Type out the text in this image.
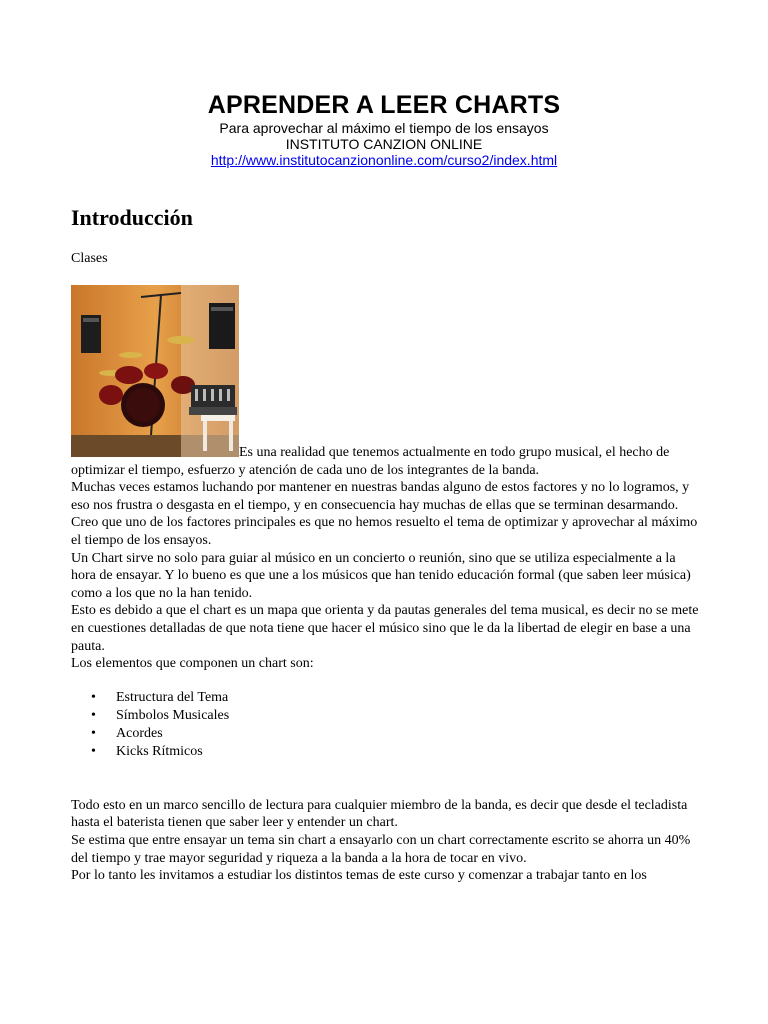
APRENDER A LEER CHARTS
Para aprovechar al máximo el tiempo de los ensayos
INSTITUTO CANZION ONLINE
http://www.institutocanziononline.com/curso2/index.html
Introducción
Clases

Es una realidad que tenemos actualmente en todo grupo musical, el hecho de optimizar el tiempo, esfuerzo y atención de cada uno de los integrantes de la banda.

Muchas veces estamos luchando por mantener en nuestras bandas alguno de estos factores y no lo logramos, y eso nos frustra o desgasta en el tiempo, y en consecuencia hay muchas de ellas que se terminan desarmando.

Creo que uno de los factores principales es que no hemos resuelto el tema de optimizar y aprovechar al máximo el tiempo de los ensayos.

Un Chart sirve no solo para guiar al músico en un concierto o reunión, sino que se utiliza especialmente a la hora de ensayar. Y lo bueno es que une a los músicos que han tenido educación formal (que saben leer música) como a los que no la han tenido.

Esto es debido a que el chart es un mapa que orienta y da pautas generales del tema musical, es decir no se mete en cuestiones detalladas de que nota tiene que hacer el músico sino que le da la libertad de elegir en base a una pauta.

Los elementos que componen un chart son:

• Estructura del Tema
• Símbolos Musicales
• Acordes
• Kicks Rítmicos

Todo esto en un marco sencillo de lectura para cualquier miembro de la banda, es decir que desde el tecladista hasta el baterista tienen que saber leer y entender un chart.

Se estima que entre ensayar un tema sin chart a ensayarlo con un chart correctamente escrito se ahorra un 40% del tiempo y trae mayor seguridad y riqueza a la banda a la hora de tocar en vivo.

Por lo tanto les invitamos a estudiar los distintos temas de este curso y comenzar a trabajar tanto en los
